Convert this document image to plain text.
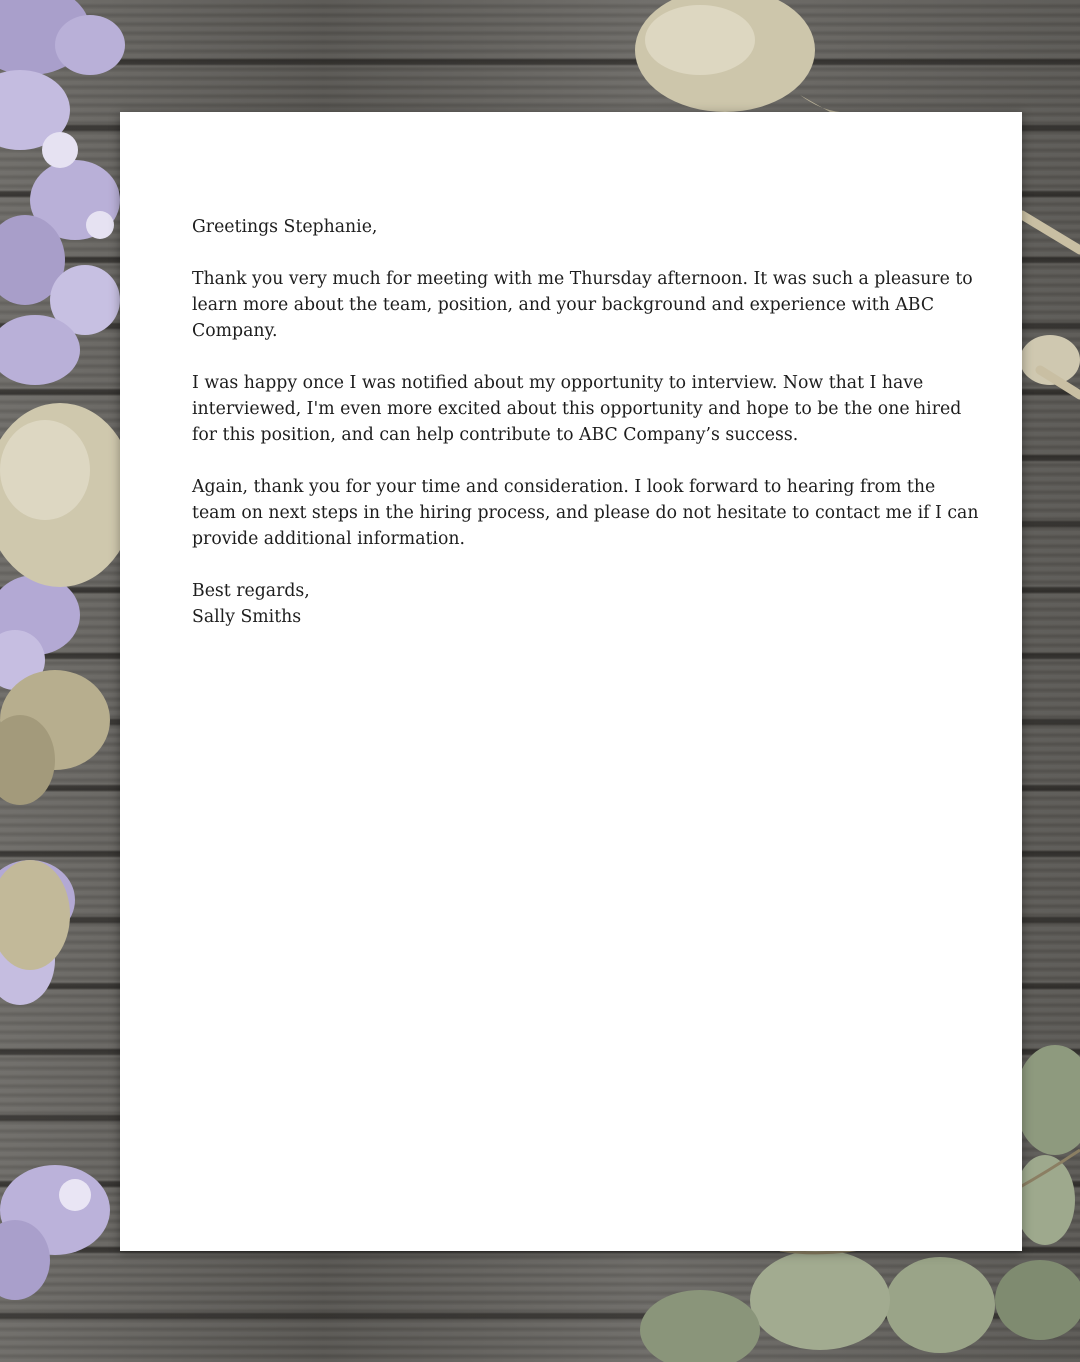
Greetings Stephanie,

Thank you very much for meeting with me Thursday afternoon. It was such a pleasure to
learn more about the team, position, and your background and experience with ABC
Company.

I was happy once I was notified about my opportunity to interview. Now that I have
interviewed, I'm even more excited about this opportunity and hope to be the one hired
for this position, and can help contribute to ABC Company’s success.

Again, thank you for your time and consideration. I look forward to hearing from the
team on next steps in the hiring process, and please do not hesitate to contact me if I can
provide additional information.

Best regards,
Sally Smiths
